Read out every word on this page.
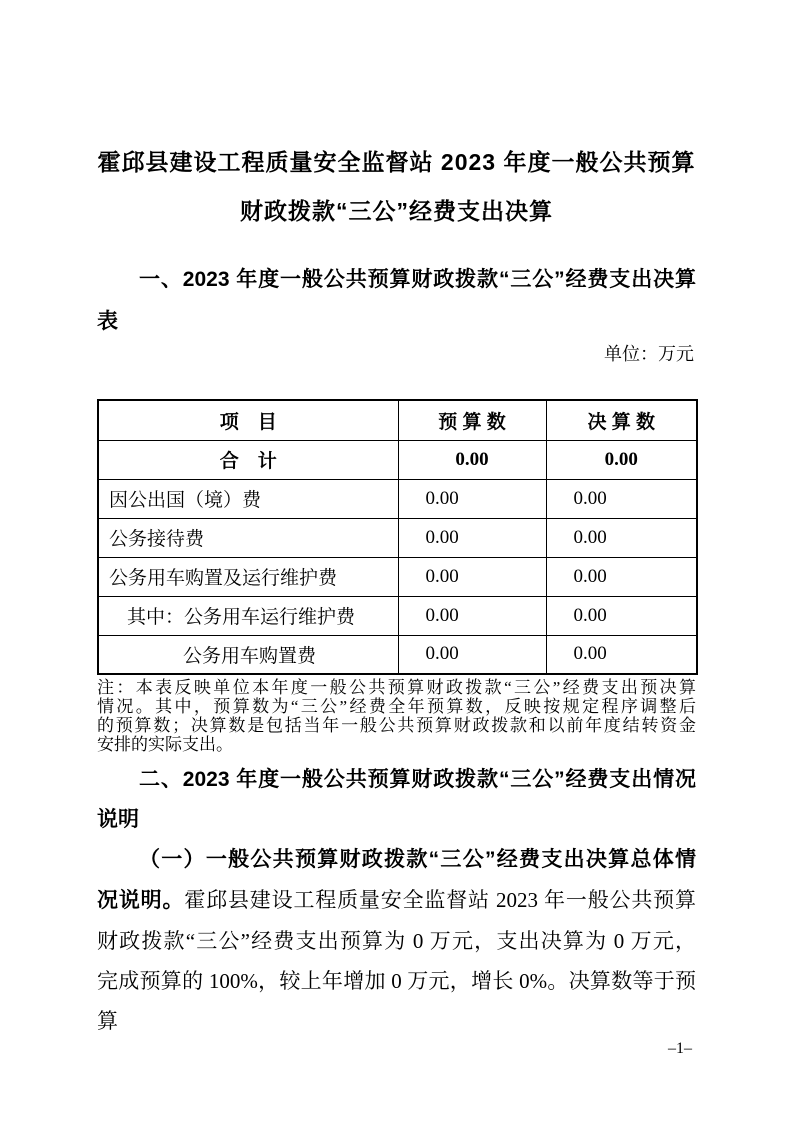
霍邱县建设工程质量安全监督站 2023 年度一般公共预算
财政拨款“三公”经费支出决算
一、2023 年度一般公共预算财政拨款“三公”经费支出决算
表
单位：万元
项　目	预 算 数	决 算 数
合　计	0.00	0.00
因公出国（境）费	0.00	0.00
公务接待费	0.00	0.00
公务用车购置及运行维护费	0.00	0.00
其中：公务用车运行维护费	0.00	0.00
公务用车购置费	0.00	0.00
注：本表反映单位本年度一般公共预算财政拨款“三公”经费支出预决算
情况。其中，预算数为“三公”经费全年预算数，反映按规定程序调整后
的预算数；决算数是包括当年一般公共预算财政拨款和以前年度结转资金
安排的实际支出。
二、2023 年度一般公共预算财政拨款“三公”经费支出情况
说明
（一）一般公共预算财政拨款“三公”经费支出决算总体情
况说明。霍邱县建设工程质量安全监督站 2023 年一般公共预算
财政拨款“三公”经费支出预算为 0 万元，支出决算为 0 万元，
完成预算的 100%，较上年增加 0 万元，增长 0%。决算数等于预算
–1–
